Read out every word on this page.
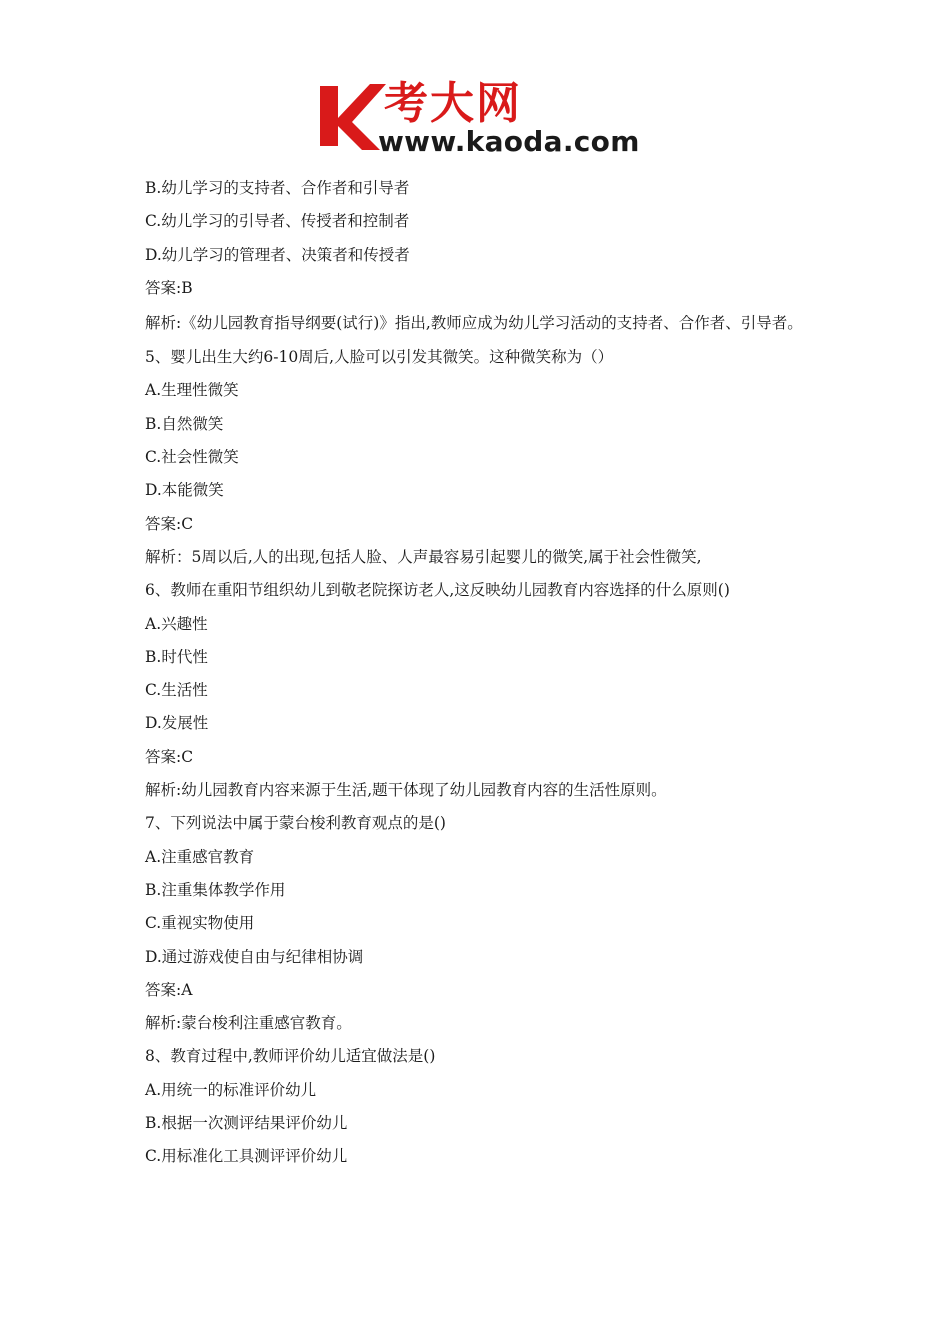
考大网
www.kaoda.com
B.幼儿学习的支持者、合作者和引导者
C.幼儿学习的引导者、传授者和控制者
D.幼儿学习的管理者、决策者和传授者
答案:B
解析:《幼儿园教育指导纲要(试行)》指出,教师应成为幼儿学习活动的支持者、合作者、引导者。
5、婴儿出生大约6-10周后,人脸可以引发其微笑。这种微笑称为（）
A.生理性微笑
B.自然微笑
C.社会性微笑
D.本能微笑
答案:C
解析：5周以后,人的出现,包括人脸、人声最容易引起婴儿的微笑,属于社会性微笑,
6、教师在重阳节组织幼儿到敬老院探访老人,这反映幼儿园教育内容选择的什么原则()
A.兴趣性
B.时代性
C.生活性
D.发展性
答案:C
解析:幼儿园教育内容来源于生活,题干体现了幼儿园教育内容的生活性原则。
7、下列说法中属于蒙台梭利教育观点的是()
A.注重感官教育
B.注重集体教学作用
C.重视实物使用
D.通过游戏使自由与纪律相协调
答案:A
解析:蒙台梭利注重感官教育。
8、教育过程中,教师评价幼儿适宜做法是()
A.用统一的标准评价幼儿
B.根据一次测评结果评价幼儿
C.用标准化工具测评评价幼儿
